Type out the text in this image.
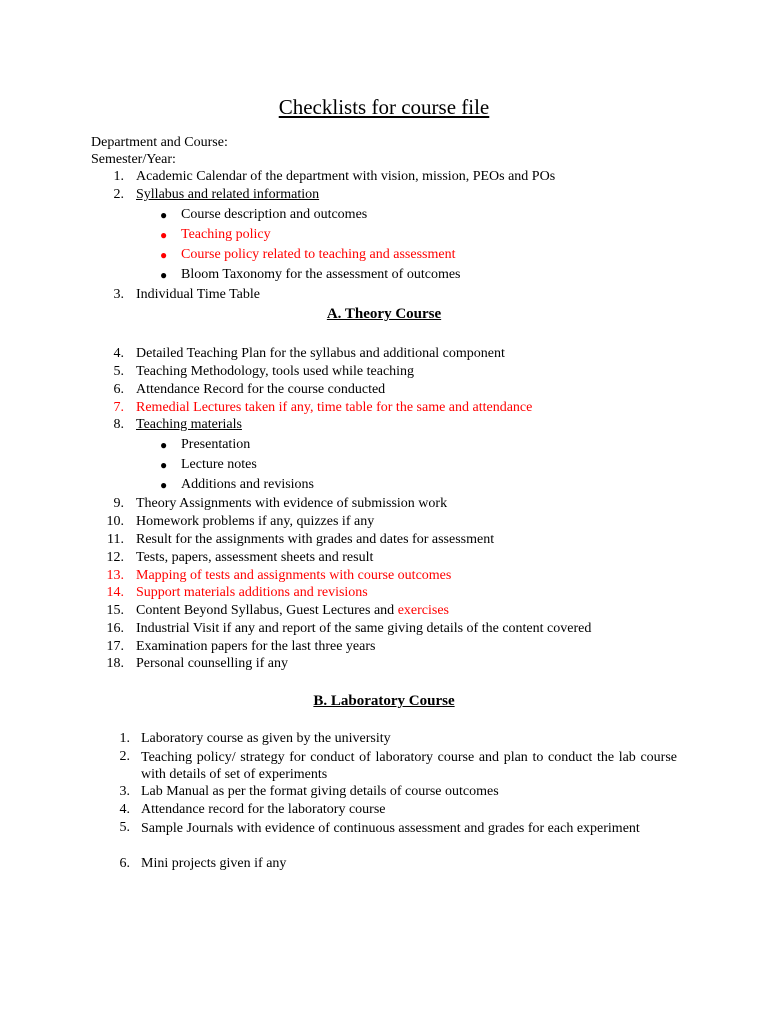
Checklists for course file
Department and Course:
Semester/Year:
1. Academic Calendar of the department with vision, mission, PEOs and POs
2. Syllabus and related information
● Course description and outcomes
● Teaching policy
● Course policy related to teaching and assessment
● Bloom Taxonomy for the assessment of outcomes
3. Individual Time Table
A. Theory Course
4. Detailed Teaching Plan for the syllabus and additional component
5. Teaching Methodology, tools used while teaching
6. Attendance Record for the course conducted
7. Remedial Lectures taken if any, time table for the same and attendance
8. Teaching materials
● Presentation
● Lecture notes
● Additions and revisions
9. Theory Assignments with evidence of submission work
10. Homework problems if any, quizzes if any
11. Result for the assignments with grades and dates for assessment
12. Tests, papers, assessment sheets and result
13. Mapping of tests and assignments with course outcomes
14. Support materials additions and revisions
15. Content Beyond Syllabus, Guest Lectures and exercises
16. Industrial Visit if any and report of the same giving details of the content covered
17. Examination papers for the last three years
18. Personal counselling if any
B. Laboratory Course
1. Laboratory course as given by the university
2. Teaching policy/ strategy for conduct of laboratory course and plan to conduct the lab course with details of set of experiments
3. Lab Manual as per the format giving details of course outcomes
4. Attendance record for the laboratory course
5. Sample Journals with evidence of continuous assessment and grades for each experiment
6. Mini projects given if any
